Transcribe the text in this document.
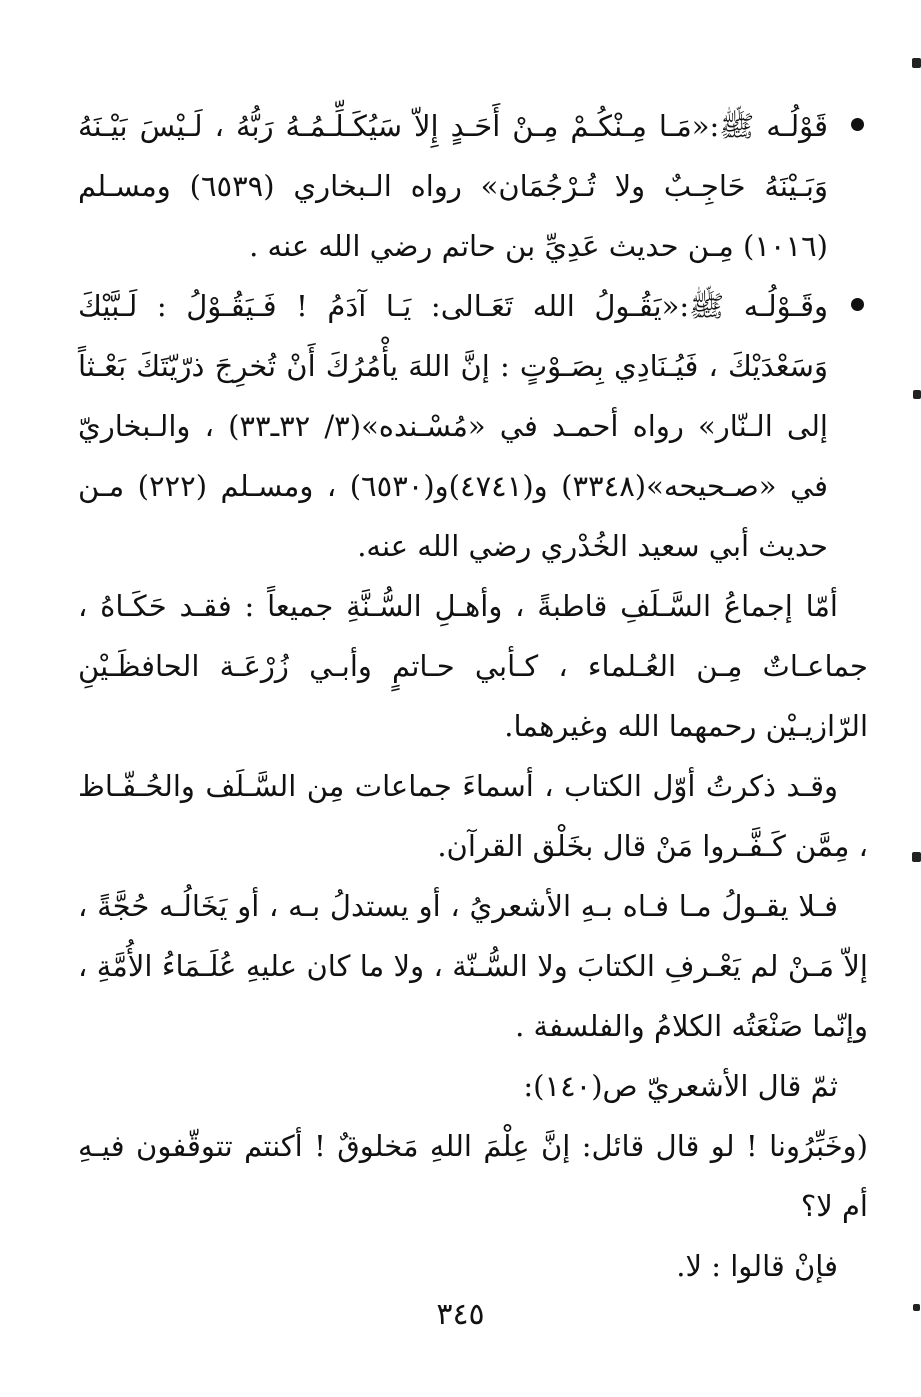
قَوْلُـه ﷺ:«مَـا مِـنْكُـمْ مِـنْ أَحَـدٍ إِلاّ سَيُكَـلِّـمُـهُ رَبُّهُ ، لَـيْسَ بَيْـنَهُ وَبَـيْنَهُ حَاجِـبٌ ولا تُـرْجُمَان» رواه الـبخاري (٦٥٣٩) ومسـلم (١٠١٦) مِـن حديث عَدِيِّ بن حاتم رضي الله عنه .

وقَـوْلُـه ﷺ:«يَقُـولُ الله تَعَـالى: يَـا آدَمُ ! فَـيَقُـوْلُ : لَـبَّيْكَ وَسَعْدَيْكَ ، فَيُـنَادِي بِصَـوْتٍ : إنَّ اللهَ يأْمُرُكَ أَنْ تُخرِجَ ذرّيّتَكَ بَعْـثاً إلى الـنّار» رواه أحمـد في «مُسْـنده»(٣/ ٣٢ـ٣٣) ، والـبخاريّ في «صـحيحه»(٣٣٤٨) و(٤٧٤١)و(٦٥٣٠) ، ومسـلم (٢٢٢) مـن حديث أبي سعيد الخُدْري رضي الله عنه.

أمّا إجماعُ السَّـلَفِ قاطبةً ، وأهـلِ السُّـنَّةِ جميعاً : فقـد حَكَـاهُ ، جماعـاتٌ مِـن العُـلماء ، كـأبي حـاتمٍ وأبـي زُرْعَـة الحافظَـيْنِ الرّازيـيْن رحمهما الله وغيرهما.

وقـد ذكرتُ أوّل الكتاب ، أسماءَ جماعات مِن السَّـلَف والحُـفّـاظ ، مِمَّن كَـفَّـروا مَنْ قال بخَلْق القرآن.

فـلا يقـولُ مـا فـاه بـهِ الأشعريُ ، أو يستدلُ بـه ، أو يَخَالُـه حُجَّةً ، إلاّ مَـنْ لم يَعْـرفِ الكتابَ ولا السُّـنّة ، ولا ما كان عليهِ عُلَـمَاءُ الأُمَّةِ ، وإنّما صَنْعَتُه الكلامُ والفلسفة .

ثمّ قال الأشعريّ ص(١٤٠):

(وخَبِّرُونا ! لو قال قائل: إنَّ عِلْمَ اللهِ مَخلوقٌ ! أكنتم تتوقّفون فيـهِ أم لا؟

فإنْ قالوا : لا.

٣٤٥
